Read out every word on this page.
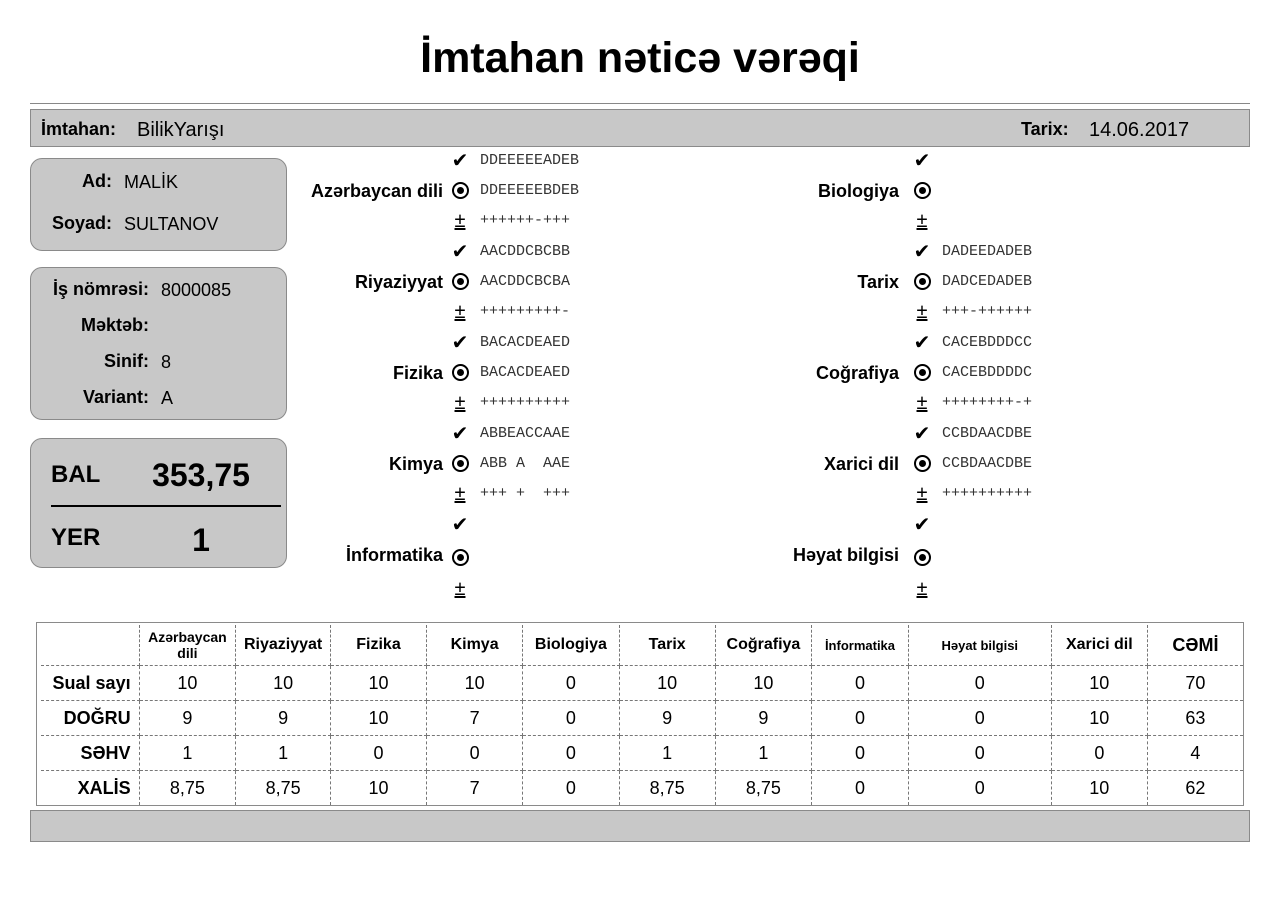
İmtahan nəticə vərəqi
İmtahan: BilikYarışı	Tarix: 14.06.2017
Ad: MALİK
Soyad: SULTANOV
İş nömrəsi: 8000085
Məktəb:
Sinif: 8
Variant: A
BAL	353,75
YER	1
Azərbaycan dili
✔ DDEEEEEADEB
DDEEEEEBDEB
± ++++++-+++
Riyaziyyat
✔ AACDDCBCBB
AACDDCBCBA
± +++++++++-
Fizika
✔ BACACDEAED
BACACDEAED
± ++++++++++
Kimya
✔ ABBEACCAAE
ABB A  AAE
± +++ +  +++
İnformatika
✔
±
Biologiya
✔
±
Tarix
✔ DADEEDADEB
DADCEDADEB
± +++-++++++
Coğrafiya
✔ CACEBDDDCC
CACEBDDDDC
± ++++++++-+
Xarici dil
✔ CCBDAACDBE
CCBDAACDBE
± ++++++++++
Həyat bilgisi
✔
±
	Azərbaycan dili	Riyaziyyat	Fizika	Kimya	Biologiya	Tarix	Coğrafiya	İnformatika	Həyat bilgisi	Xarici dil	CƏMİ
Sual sayı	10	10	10	10	0	10	10	0	0	10	70
DOĞRU	9	9	10	7	0	9	9	0	0	10	63
SƏHV	1	1	0	0	0	1	1	0	0	0	4
XALİS	8,75	8,75	10	7	0	8,75	8,75	0	0	10	62
